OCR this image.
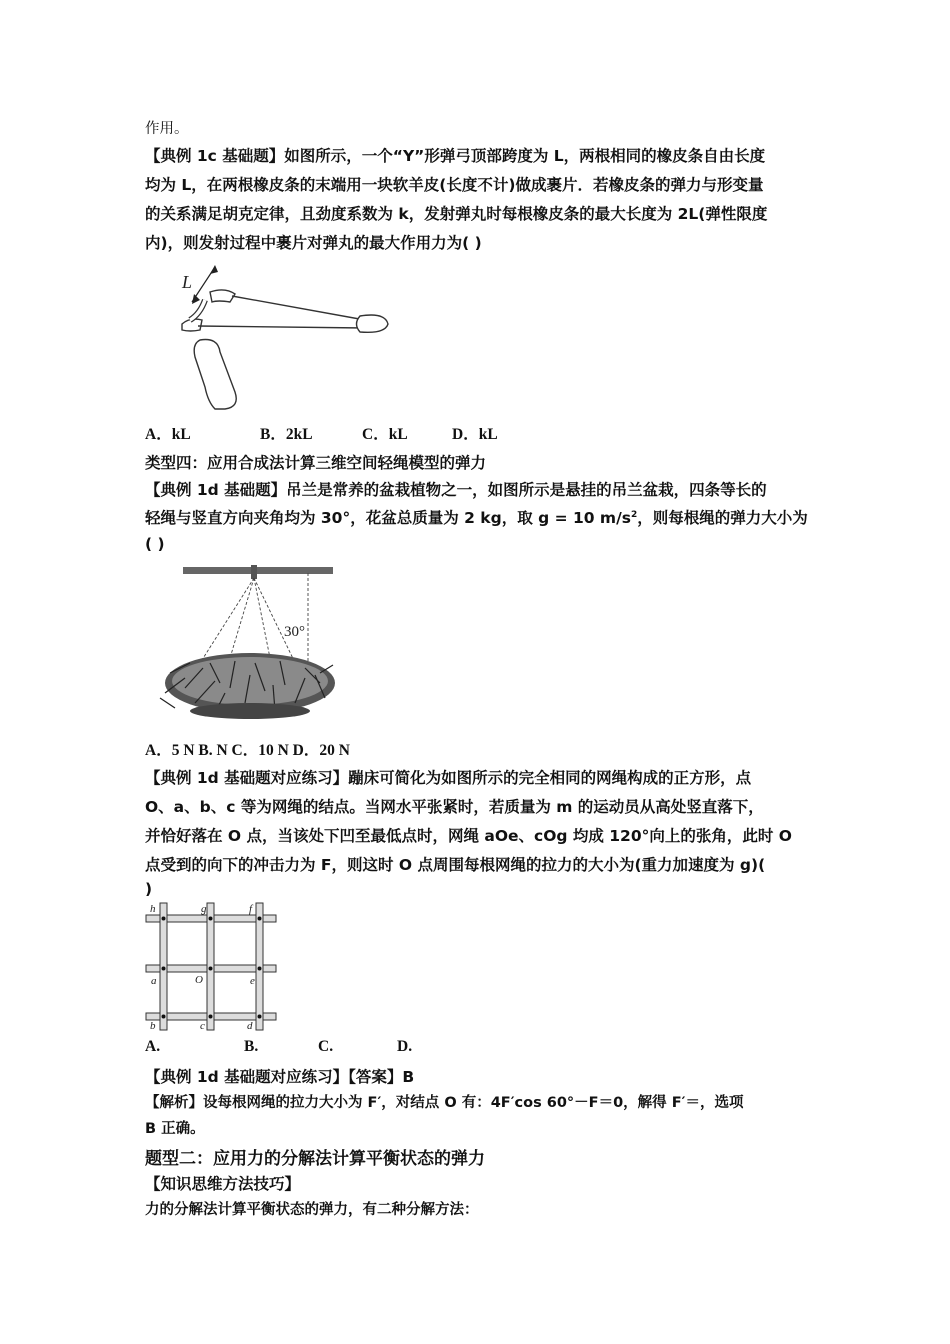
作用。
【典例 1c 基础题】如图所示，一个“Y”形弹弓顶部跨度为 L，两根相同的橡皮条自由长度
均为 L，在两根橡皮条的末端用一块软羊皮(长度不计)做成裹片．若橡皮条的弹力与形变量
的关系满足胡克定律，且劲度系数为 k，发射弹丸时每根橡皮条的最大长度为 2L(弹性限度
内)，则发射过程中裹片对弹丸的最大作用力为( )
L
A．kL	B．2kL	C．kL	D．kL
类型四：应用合成法计算三维空间轻绳模型的弹力
【典例 1d 基础题】吊兰是常养的盆栽植物之一，如图所示是悬挂的吊兰盆栽，四条等长的
轻绳与竖直方向夹角均为 30°，花盆总质量为 2 kg，取 g = 10 $m/s^2$，则每根绳的弹力大小为
( )
30°
A．5 N B. N C．10 N D．20 N
【典例 1d 基础题对应练习】蹦床可简化为如图所示的完全相同的网绳构成的正方形，点
O、a、b、c 等为网绳的结点。当网水平张紧时，若质量为 m 的运动员从高处竖直落下，
并恰好落在 O 点，当该处下凹至最低点时，网绳 aOe、cOg 均成 120°向上的张角，此时 O
点受到的向下的冲击力为 F，则这时 O 点周围每根网绳的拉力的大小为(重力加速度为 g)(
)
h	g	f
a	O	e
b	c	d
A.	B.	C.	D.
【典例 1d 基础题对应练习】【答案】B
【解析】设每根网绳的拉力大小为 F′，对结点 O 有：4F′cos 60°－F＝0，解得 F′＝，选项
B 正确。
题型二：应用力的分解法计算平衡状态的弹力
【知识思维方法技巧】
力的分解法计算平衡状态的弹力，有二种分解方法：
